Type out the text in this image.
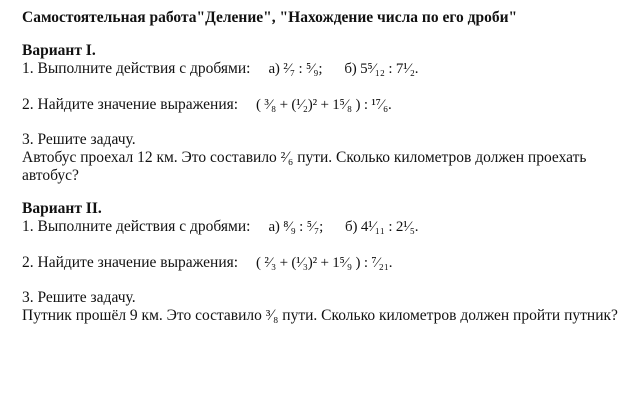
Самостоятельная работа"Деление", "Нахождение числа по его дроби"

Вариант I.

1. Выполните действия с дробями: а) ²⁄₇ : ⁵⁄₉; б) 5⁵⁄₁₂ : 7¹⁄₂.

2. Найдите значение выражения: ( ³⁄₈ + (¹⁄₂)² + 1⁵⁄₈ ) : ¹⁷⁄₆.

3. Решите задачу.

Автобус проехал 12 км. Это составило ²⁄₆ пути. Сколько километров должен проехать автобус?

Вариант II.

1. Выполните действия с дробями: а) ⁸⁄₉ : ⁵⁄₇; б) 4¹⁄₁₁ : 2¹⁄₅.

2. Найдите значение выражения: ( ²⁄₃ + (¹⁄₃)² + 1⁵⁄₉ ) : ⁷⁄₂₁.

3. Решите задачу.

Путник прошёл 9 км. Это составило ³⁄₈ пути. Сколько километров должен пройти путник?
